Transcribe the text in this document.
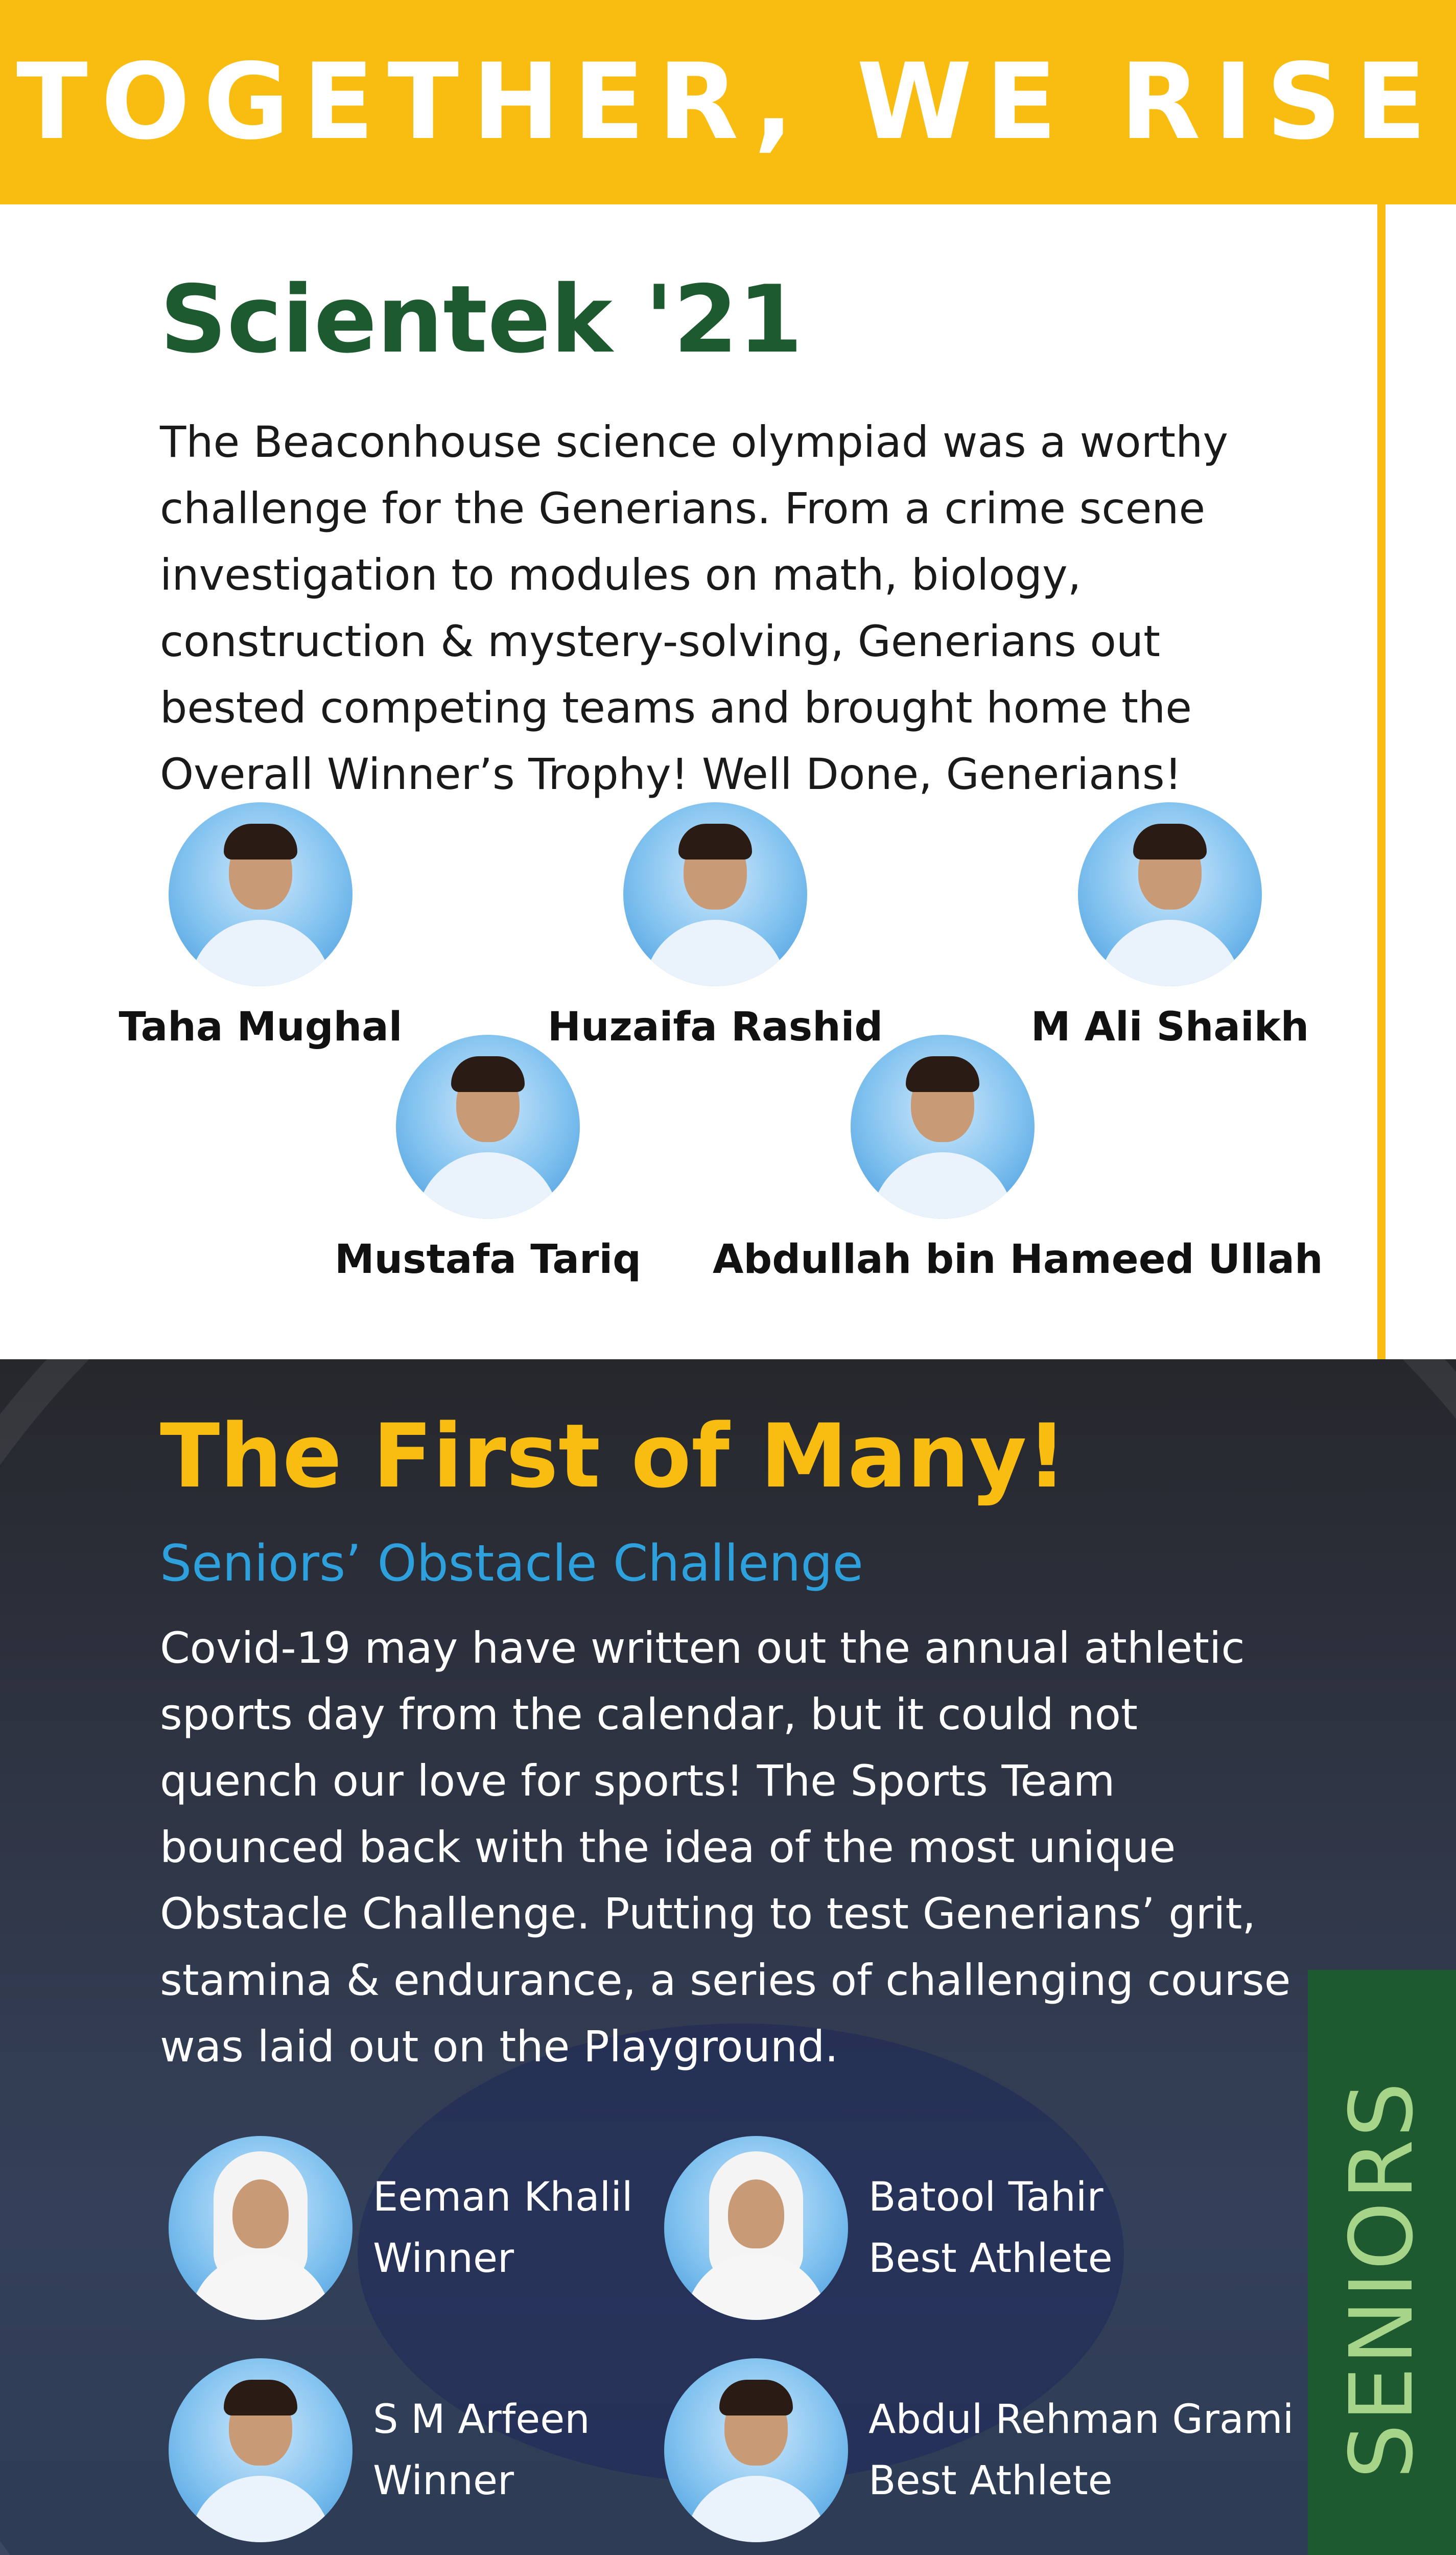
TOGETHER, WE RISE
Scientek '21
The Beaconhouse science olympiad was a worthy challenge for the Generians. From a crime scene investigation to modules on math, biology, construction & mystery-solving, Generians out bested competing teams and brought home the Overall Winner’s Trophy! Well Done, Generians!
Taha Mughal	Huzaifa Rashid	M Ali Shaikh
Mustafa Tariq	Abdullah bin Hameed Ullah
The First of Many!
Seniors’ Obstacle Challenge
Covid-19 may have written out the annual athletic sports day from the calendar, but it could not quench our love for sports! The Sports Team bounced back with the idea of the most unique Obstacle Challenge. Putting to test Generians’ grit, stamina & endurance, a series of challenging course was laid out on the Playground.
Eeman Khalil
Winner
Batool Tahir
Best Athlete
S M Arfeen
Winner
Abdul Rehman Grami
Best Athlete
SENIORS
